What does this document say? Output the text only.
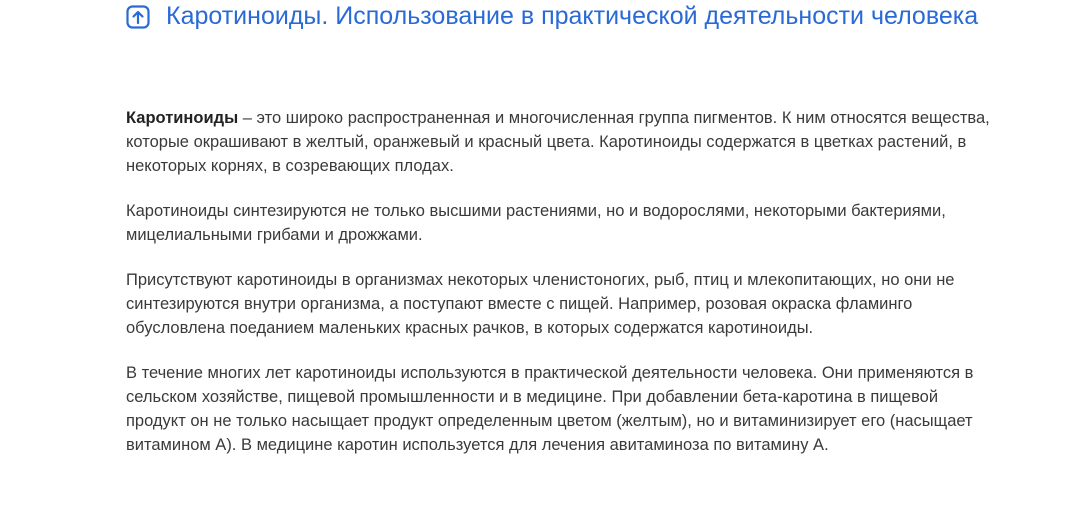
Каротиноиды. Использование в практической деятельности человека

Каротиноиды – это широко распространенная и многочисленная группа пигментов. К ним относятся вещества, которые окрашивают в желтый, оранжевый и красный цвета. Каротиноиды содержатся в цветках растений, в некоторых корнях, в созревающих плодах.

Каротиноиды синтезируются не только высшими растениями, но и водорослями, некоторыми бактериями, мицелиальными грибами и дрожжами.

Присутствуют каротиноиды в организмах некоторых членистоногих, рыб, птиц и млекопитающих, но они не синтезируются внутри организма, а поступают вместе с пищей. Например, розовая окраска фламинго обусловлена поеданием маленьких красных рачков, в которых содержатся каротиноиды.

В течение многих лет каротиноиды используются в практической деятельности человека. Они применяются в сельском хозяйстве, пищевой промышленности и в медицине. При добавлении бета-каротина в пищевой продукт он не только насыщает продукт определенным цветом (желтым), но и витаминизирует его (насыщает витамином А). В медицине каротин используется для лечения авитаминоза по витамину А.
